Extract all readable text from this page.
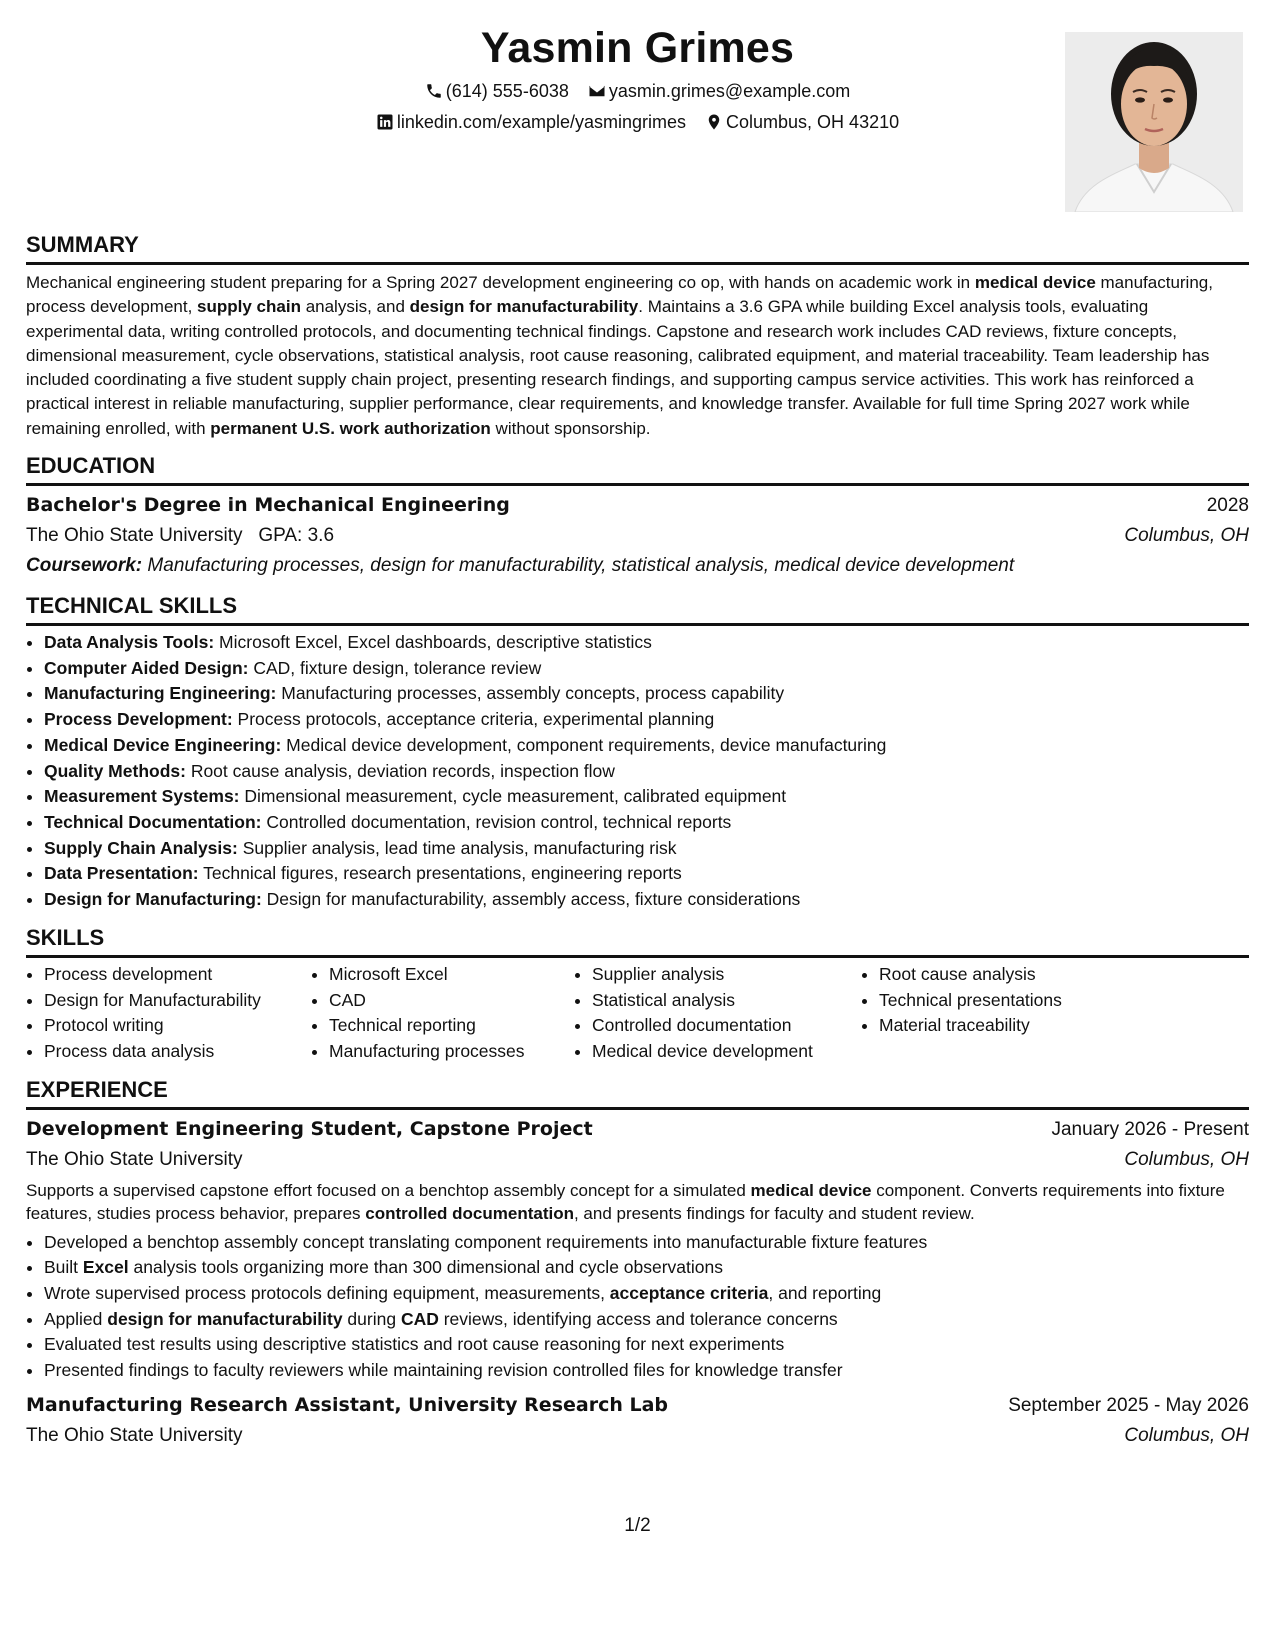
Yasmin Grimes
(614) 555-6038 yasmin.grimes@example.com
linkedin.com/example/yasmingrimes Columbus, OH 43210
SUMMARY

Mechanical engineering student preparing for a Spring 2027 development engineering co op, with hands on academic work in medical device manufacturing, process development, supply chain analysis, and design for manufacturability. Maintains a 3.6 GPA while building Excel analysis tools, evaluating experimental data, writing controlled protocols, and documenting technical findings. Capstone and research work includes CAD reviews, fixture concepts, dimensional measurement, cycle observations, statistical analysis, root cause reasoning, calibrated equipment, and material traceability. Team leadership has included coordinating a five student supply chain project, presenting research findings, and supporting campus service activities. This work has reinforced a practical interest in reliable manufacturing, supplier performance, clear requirements, and knowledge transfer. Available for full time Spring 2027 work while remaining enrolled, with permanent U.S. work authorization without sponsorship.

EDUCATION
Bachelor's Degree in Mechanical Engineering	2028
The Ohio State University GPA: 3.6	Columbus, OH
Coursework: Manufacturing processes, design for manufacturability, statistical analysis, medical device development
TECHNICAL SKILLS
• Data Analysis Tools: Microsoft Excel, Excel dashboards, descriptive statistics
• Computer Aided Design: CAD, fixture design, tolerance review
• Manufacturing Engineering: Manufacturing processes, assembly concepts, process capability
• Process Development: Process protocols, acceptance criteria, experimental planning
• Medical Device Engineering: Medical device development, component requirements, device manufacturing
• Quality Methods: Root cause analysis, deviation records, inspection flow
• Measurement Systems: Dimensional measurement, cycle measurement, calibrated equipment
• Technical Documentation: Controlled documentation, revision control, technical reports
• Supply Chain Analysis: Supplier analysis, lead time analysis, manufacturing risk
• Data Presentation: Technical figures, research presentations, engineering reports
• Design for Manufacturing: Design for manufacturability, assembly access, fixture considerations
SKILLS
• Process development
• Design for Manufacturability
• Protocol writing
• Process data analysis
• Microsoft Excel
• CAD
• Technical reporting
• Manufacturing processes
• Supplier analysis
• Statistical analysis
• Controlled documentation
• Medical device development
• Root cause analysis
• Technical presentations
• Material traceability
EXPERIENCE
Development Engineering Student, Capstone Project	January 2026 - Present
The Ohio State University	Columbus, OH

Supports a supervised capstone effort focused on a benchtop assembly concept for a simulated medical device component. Converts requirements into fixture features, studies process behavior, prepares controlled documentation, and presents findings for faculty and student review.

• Developed a benchtop assembly concept translating component requirements into manufacturable fixture features
• Built Excel analysis tools organizing more than 300 dimensional and cycle observations
• Wrote supervised process protocols defining equipment, measurements, acceptance criteria, and reporting
• Applied design for manufacturability during CAD reviews, identifying access and tolerance concerns
• Evaluated test results using descriptive statistics and root cause reasoning for next experiments
• Presented findings to faculty reviewers while maintaining revision controlled files for knowledge transfer
Manufacturing Research Assistant, University Research Lab	September 2025 - May 2026
The Ohio State University	Columbus, OH
1/2
